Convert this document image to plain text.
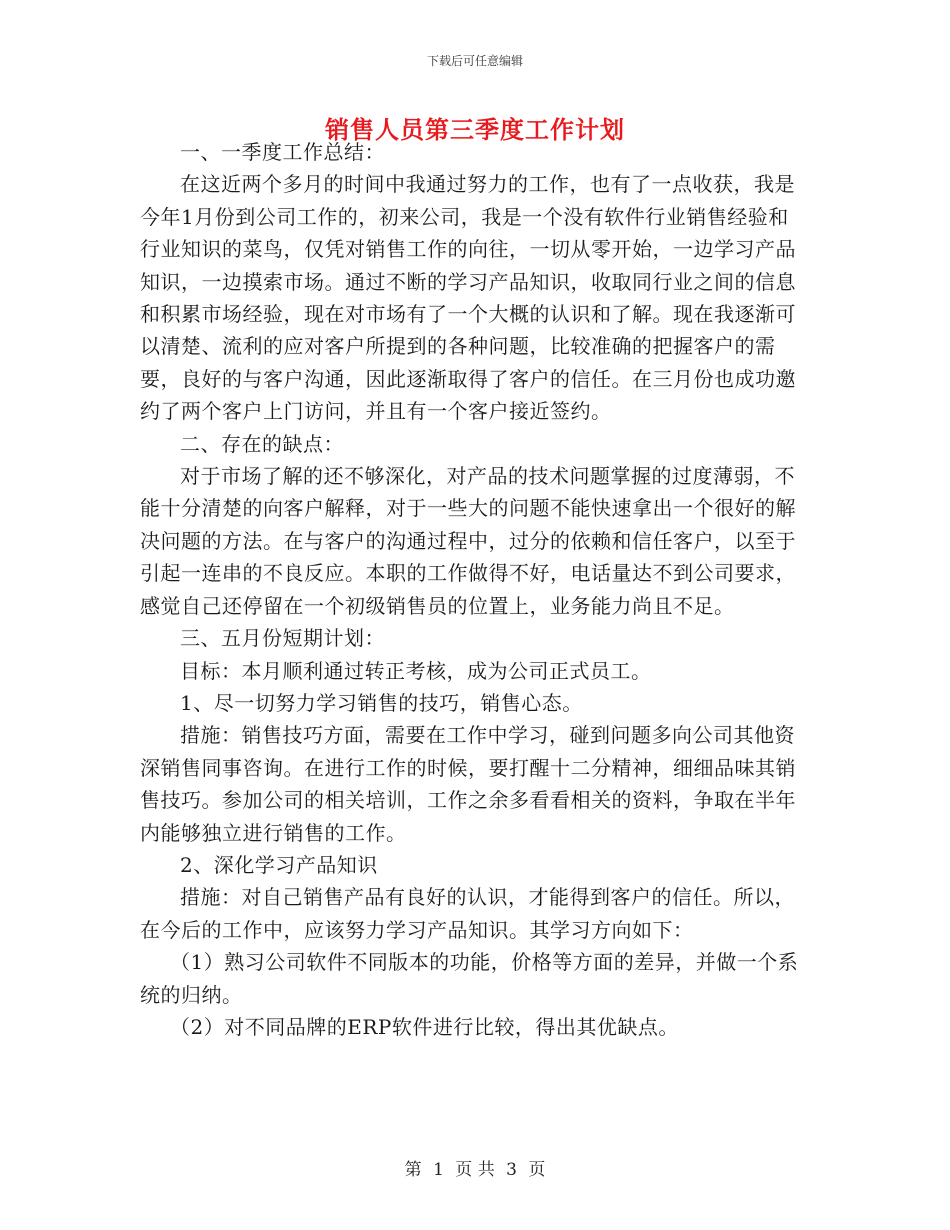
下载后可任意编辑
销售人员第三季度工作计划

一、一季度工作总结：

在这近两个多月的时间中我通过努力的工作，也有了一点收获，我是今年1月份到公司工作的，初来公司，我是一个没有软件行业销售经验和行业知识的菜鸟，仅凭对销售工作的向往，一切从零开始，一边学习产品知识，一边摸索市场。通过不断的学习产品知识，收取同行业之间的信息和积累市场经验，现在对市场有了一个大概的认识和了解。现在我逐渐可以清楚、流利的应对客户所提到的各种问题，比较准确的把握客户的需要，良好的与客户沟通，因此逐渐取得了客户的信任。在三月份也成功邀约了两个客户上门访问，并且有一个客户接近签约。

二、存在的缺点：

对于市场了解的还不够深化，对产品的技术问题掌握的过度薄弱，不能十分清楚的向客户解释，对于一些大的问题不能快速拿出一个很好的解决问题的方法。在与客户的沟通过程中，过分的依赖和信任客户，以至于引起一连串的不良反应。本职的工作做得不好，电话量达不到公司要求，感觉自己还停留在一个初级销售员的位置上，业务能力尚且不足。

三、五月份短期计划：

目标：本月顺利通过转正考核，成为公司正式员工。

1、尽一切努力学习销售的技巧，销售心态。

措施：销售技巧方面，需要在工作中学习，碰到问题多向公司其他资深销售同事咨询。在进行工作的时候，要打醒十二分精神，细细品味其销售技巧。参加公司的相关培训，工作之余多看看相关的资料，争取在半年内能够独立进行销售的工作。

2、深化学习产品知识

措施：对自己销售产品有良好的认识，才能得到客户的信任。所以，在今后的工作中，应该努力学习产品知识。其学习方向如下：

（1）熟习公司软件不同版本的功能，价格等方面的差异，并做一个系统的归纳。

（2）对不同品牌的ERP软件进行比较，得出其优缺点。

第 1 页 共 3 页
